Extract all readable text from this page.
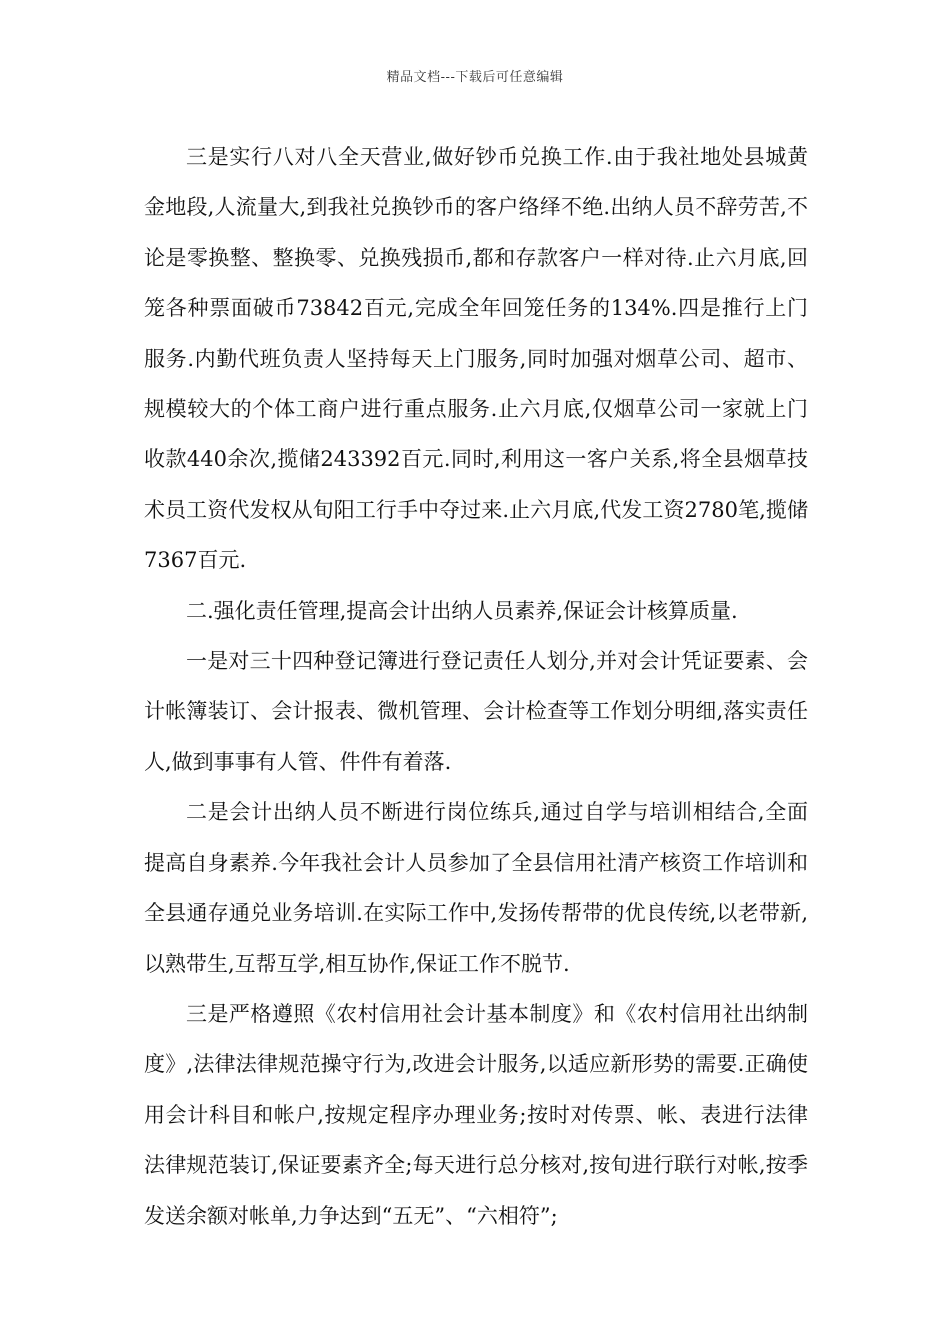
精品文档---下载后可任意编辑

三是实行八对八全天营业,做好钞币兑换工作.由于我社地处县城黄金地段,人流量大,到我社兑换钞币的客户络绎不绝.出纳人员不辞劳苦,不论是零换整、整换零、兑换残损币,都和存款客户一样对待.止六月底,回笼各种票面破币73842百元,完成全年回笼任务的134%.四是推行上门服务.内勤代班负责人坚持每天上门服务,同时加强对烟草公司、超市、规模较大的个体工商户进行重点服务.止六月底,仅烟草公司一家就上门收款440余次,揽储243392百元.同时,利用这一客户关系,将全县烟草技术员工资代发权从旬阳工行手中夺过来.止六月底,代发工资2780笔,揽储7367百元.

二.强化责任管理,提高会计出纳人员素养,保证会计核算质量.

一是对三十四种登记簿进行登记责任人划分,并对会计凭证要素、会计帐簿装订、会计报表、微机管理、会计检查等工作划分明细,落实责任人,做到事事有人管、件件有着落.

二是会计出纳人员不断进行岗位练兵,通过自学与培训相结合,全面提高自身素养.今年我社会计人员参加了全县信用社清产核资工作培训和全县通存通兑业务培训.在实际工作中,发扬传帮带的优良传统,以老带新,以熟带生,互帮互学,相互协作,保证工作不脱节.

三是严格遵照《农村信用社会计基本制度》和《农村信用社出纳制度》,法律法律规范操守行为,改进会计服务,以适应新形势的需要.正确使用会计科目和帐户,按规定程序办理业务;按时对传票、帐、表进行法律法律规范装订,保证要素齐全;每天进行总分核对,按旬进行联行对帐,按季发送余额对帐单,力争达到“五无”、“六相符”;
